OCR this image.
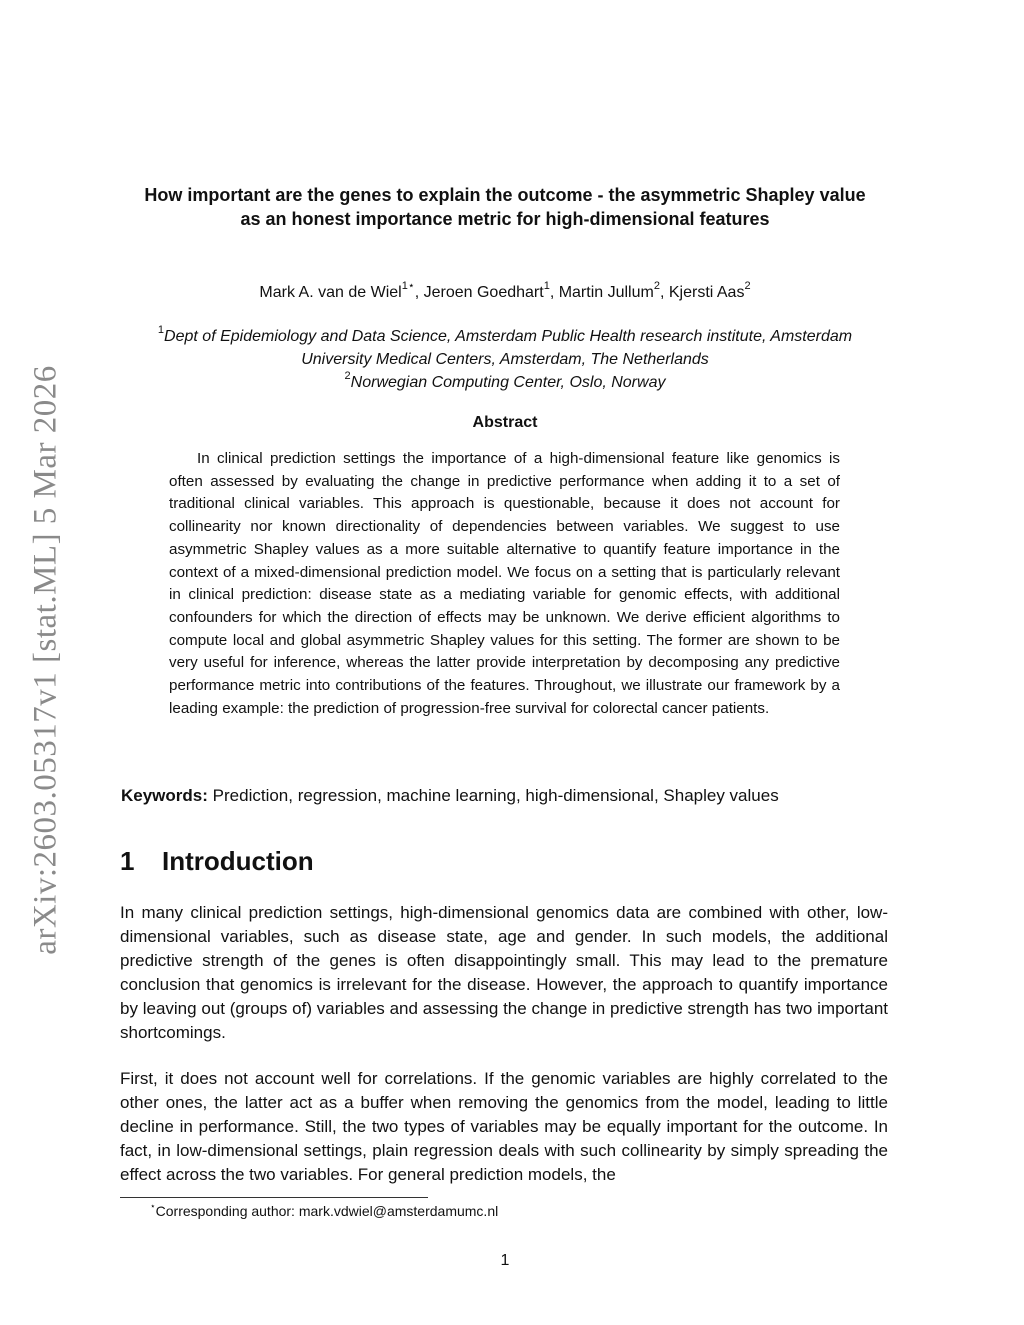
arXiv:2603.05317v1 [stat.ML] 5 Mar 2026
How important are the genes to explain the outcome - the asymmetric Shapley value
as an honest importance metric for high-dimensional features
Mark A. van de Wiel$^{1⋆}$, Jeroen Goedhart$^1$, Martin Jullum$^2$, Kjersti Aas$^2$
$^1$Dept of Epidemiology and Data Science, Amsterdam Public Health research institute, Amsterdam
University Medical Centers, Amsterdam, The Netherlands
$^2$Norwegian Computing Center, Oslo, Norway
Abstract

In clinical prediction settings the importance of a high-dimensional feature like genomics is often assessed by evaluating the change in predictive performance when adding it to a set of traditional clinical variables. This approach is questionable, because it does not account for collinearity nor known directionality of dependencies between variables. We suggest to use asymmetric Shapley values as a more suitable alternative to quantify feature importance in the context of a mixed-dimensional prediction model. We focus on a setting that is particularly relevant in clinical prediction: disease state as a mediating variable for genomic effects, with additional confounders for which the direction of effects may be unknown. We derive efficient algorithms to compute local and global asymmetric Shapley values for this setting. The former are shown to be very useful for inference, whereas the latter provide interpretation by decomposing any predictive performance metric into contributions of the features. Throughout, we illustrate our framework by a leading example: the prediction of progression-free survival for colorectal cancer patients.

Keywords: Prediction, regression, machine learning, high-dimensional, Shapley values
1 Introduction

In many clinical prediction settings, high-dimensional genomics data are combined with other, low-dimensional variables, such as disease state, age and gender. In such models, the additional predictive strength of the genes is often disappointingly small. This may lead to the premature conclusion that genomics is irrelevant for the disease. However, the approach to quantify importance by leaving out (groups of) variables and assessing the change in predictive strength has two important shortcomings.

First, it does not account well for correlations. If the genomic variables are highly correlated to the other ones, the latter act as a buffer when removing the genomics from the model, leading to little decline in performance. Still, the two types of variables may be equally important for the outcome. In fact, in low-dimensional settings, plain regression deals with such collinearity by simply spreading the effect across the two variables. For general prediction models, the

⋆Corresponding author: mark.vdwiel@amsterdamumc.nl
1
